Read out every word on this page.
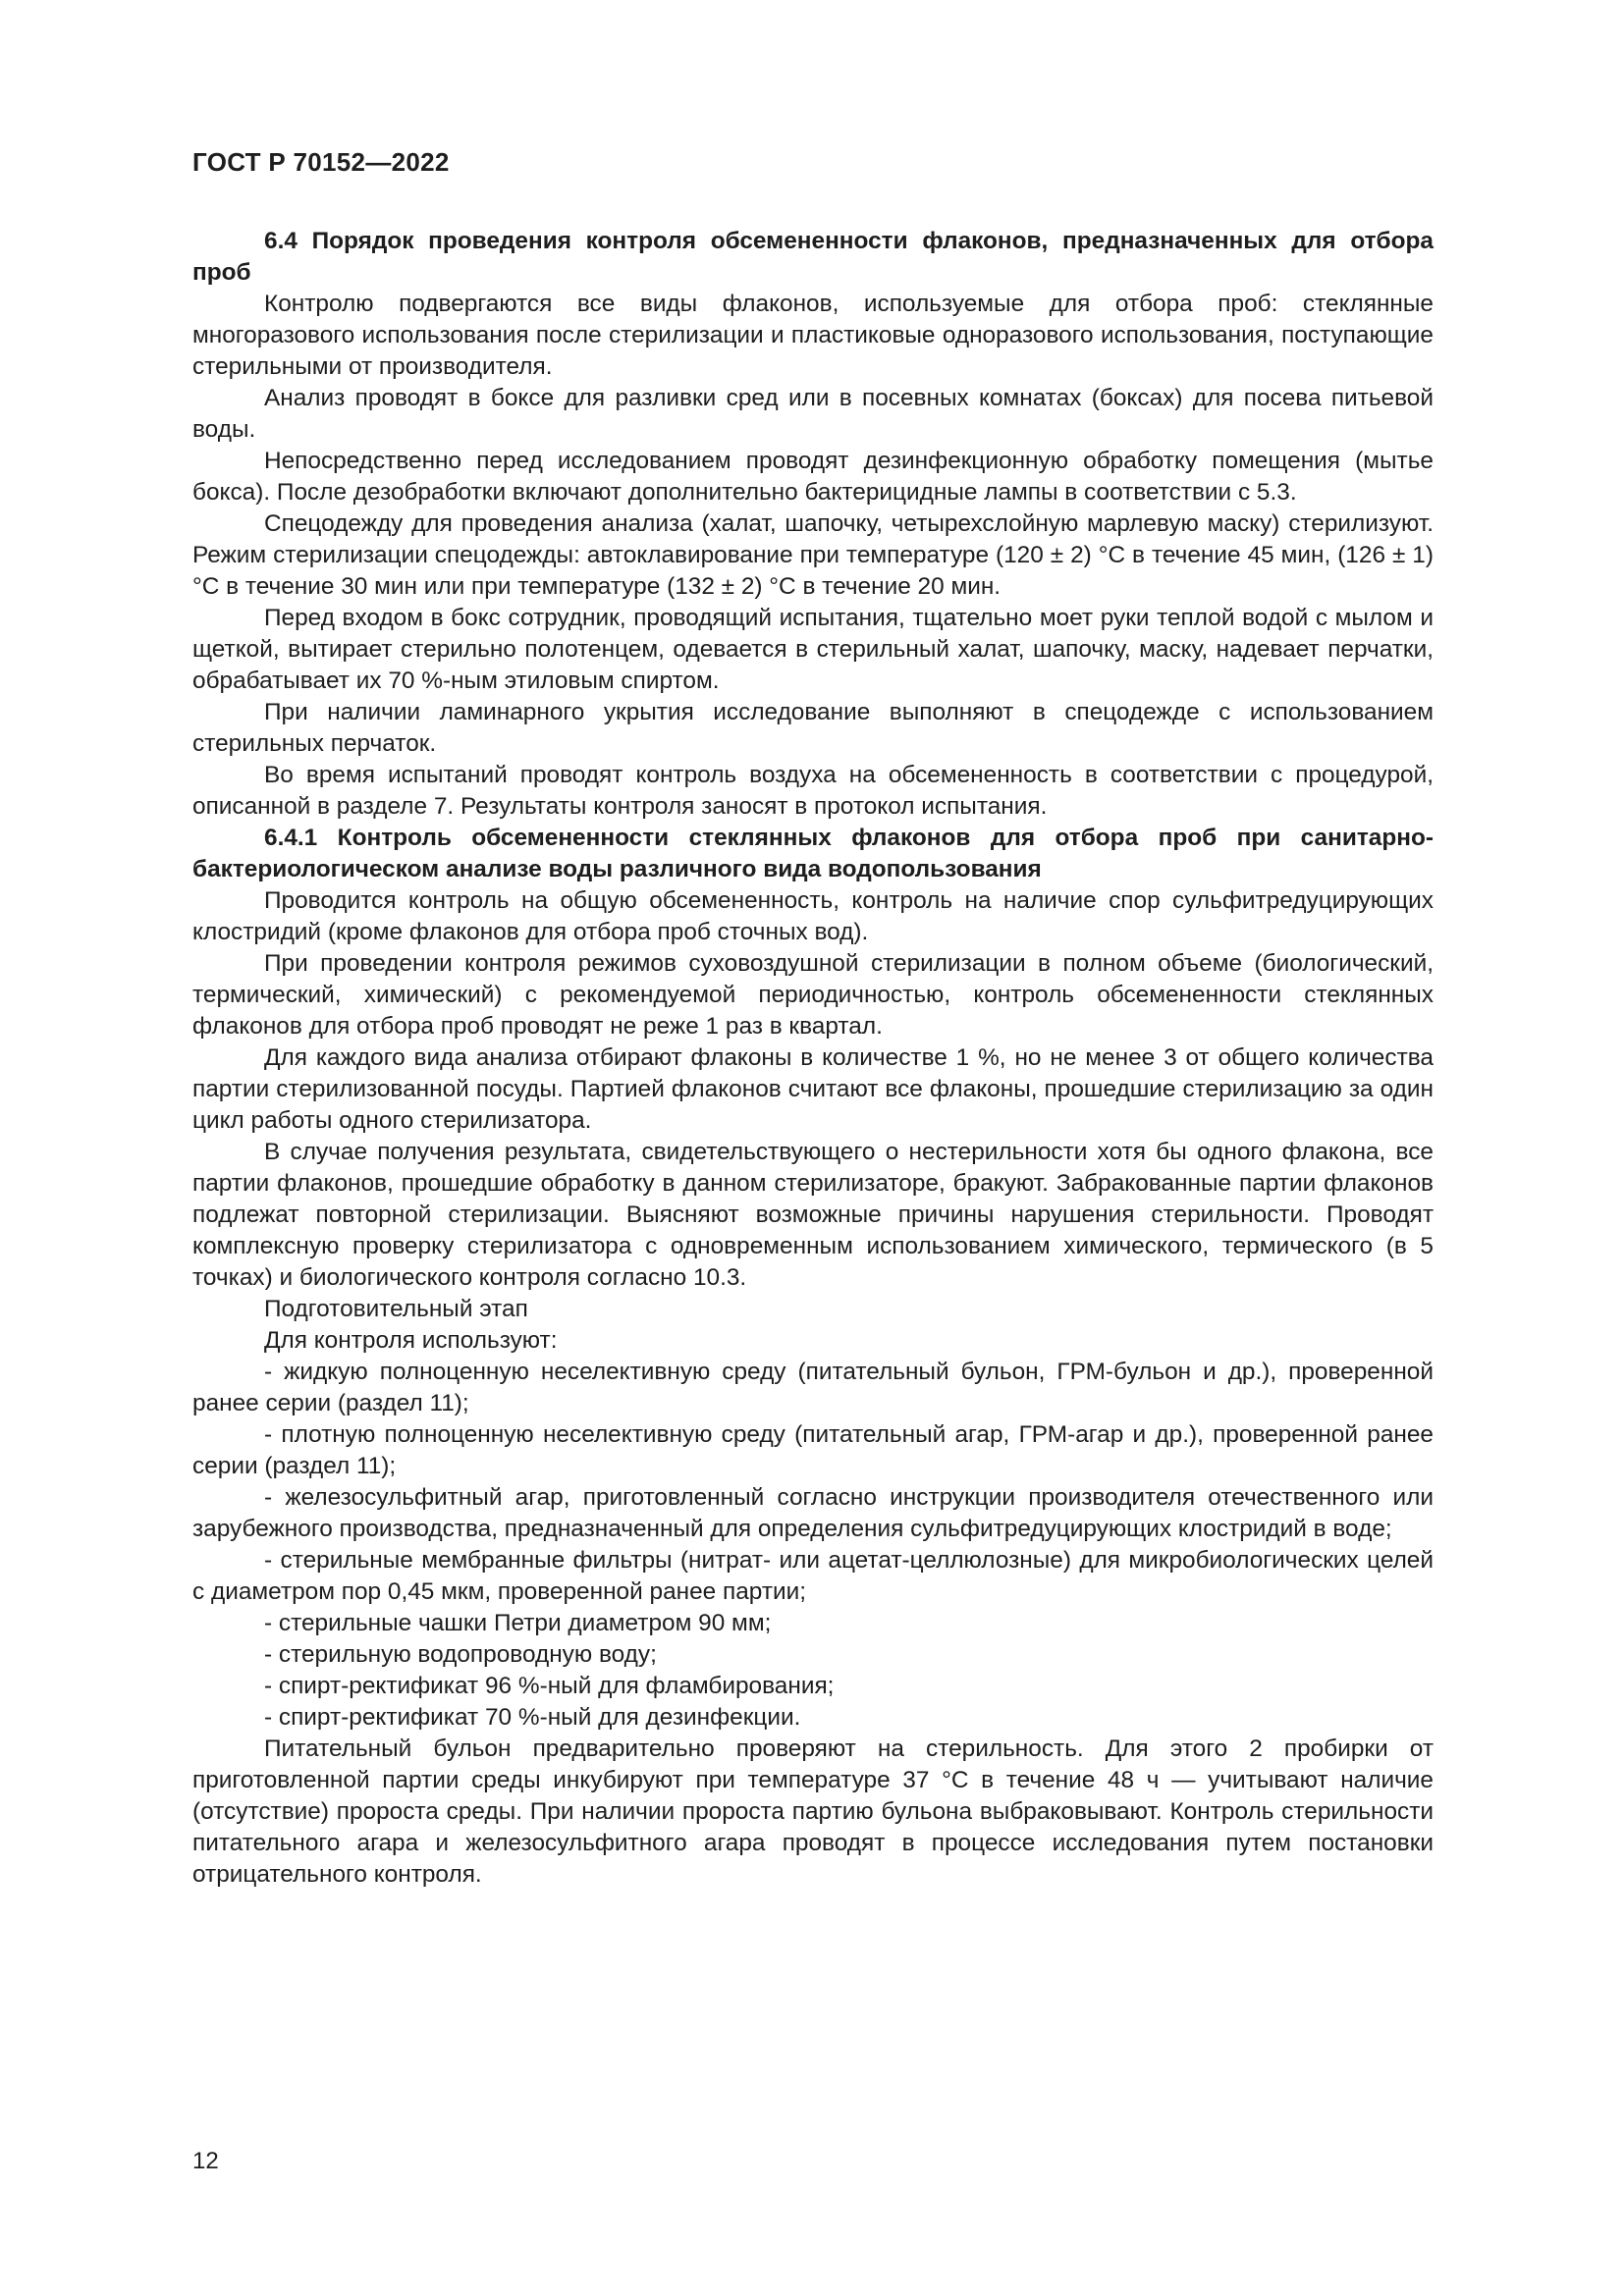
ГОСТ Р 70152—2022

6.4 Порядок проведения контроля обсемененности флаконов, предназначенных для отбора проб

Контролю подвергаются все виды флаконов, используемые для отбора проб: стеклянные многоразового использования после стерилизации и пластиковые одноразового использования, поступающие стерильными от производителя.

Анализ проводят в боксе для разливки сред или в посевных комнатах (боксах) для посева питьевой воды.

Непосредственно перед исследованием проводят дезинфекционную обработку помещения (мытье бокса). После дезобработки включают дополнительно бактерицидные лампы в соответствии с 5.3.

Спецодежду для проведения анализа (халат, шапочку, четырехслойную марлевую маску) стерилизуют. Режим стерилизации спецодежды: автоклавирование при температуре (120 ± 2) °С в течение 45 мин, (126 ± 1) °С в течение 30 мин или при температуре (132 ± 2) °С в течение 20 мин.

Перед входом в бокс сотрудник, проводящий испытания, тщательно моет руки теплой водой с мылом и щеткой, вытирает стерильно полотенцем, одевается в стерильный халат, шапочку, маску, надевает перчатки, обрабатывает их 70 %-ным этиловым спиртом.

При наличии ламинарного укрытия исследование выполняют в спецодежде с использованием стерильных перчаток.

Во время испытаний проводят контроль воздуха на обсемененность в соответствии с процедурой, описанной в разделе 7. Результаты контроля заносят в протокол испытания.

6.4.1 Контроль обсемененности стеклянных флаконов для отбора проб при санитарно-бактериологическом анализе воды различного вида водопользования

Проводится контроль на общую обсемененность, контроль на наличие спор сульфитредуцирующих клостридий (кроме флаконов для отбора проб сточных вод).

При проведении контроля режимов суховоздушной стерилизации в полном объеме (биологический, термический, химический) с рекомендуемой периодичностью, контроль обсемененности стеклянных флаконов для отбора проб проводят не реже 1 раз в квартал.

Для каждого вида анализа отбирают флаконы в количестве 1 %, но не менее 3 от общего количества партии стерилизованной посуды. Партией флаконов считают все флаконы, прошедшие стерилизацию за один цикл работы одного стерилизатора.

В случае получения результата, свидетельствующего о нестерильности хотя бы одного флакона, все партии флаконов, прошедшие обработку в данном стерилизаторе, бракуют. Забракованные партии флаконов подлежат повторной стерилизации. Выясняют возможные причины нарушения стерильности. Проводят комплексную проверку стерилизатора с одновременным использованием химического, термического (в 5 точках) и биологического контроля согласно 10.3.

Подготовительный этап

Для контроля используют:

- жидкую полноценную неселективную среду (питательный бульон, ГРМ-бульон и др.), проверенной ранее серии (раздел 11);

- плотную полноценную неселективную среду (питательный агар, ГРМ-агар и др.), проверенной ранее серии (раздел 11);

- железосульфитный агар, приготовленный согласно инструкции производителя отечественного или зарубежного производства, предназначенный для определения сульфитредуцирующих клостридий в воде;

- стерильные мембранные фильтры (нитрат- или ацетат-целлюлозные) для микробиологических целей с диаметром пор 0,45 мкм, проверенной ранее партии;

- стерильные чашки Петри диаметром 90 мм;

- стерильную водопроводную воду;

- спирт-ректификат 96 %-ный для фламбирования;

- спирт-ректификат 70 %-ный для дезинфекции.

Питательный бульон предварительно проверяют на стерильность. Для этого 2 пробирки от приготовленной партии среды инкубируют при температуре 37 °С в течение 48 ч — учитывают наличие (отсутствие) пророста среды. При наличии пророста партию бульона выбраковывают. Контроль стерильности питательного агара и железосульфитного агара проводят в процессе исследования путем постановки отрицательного контроля.

12
